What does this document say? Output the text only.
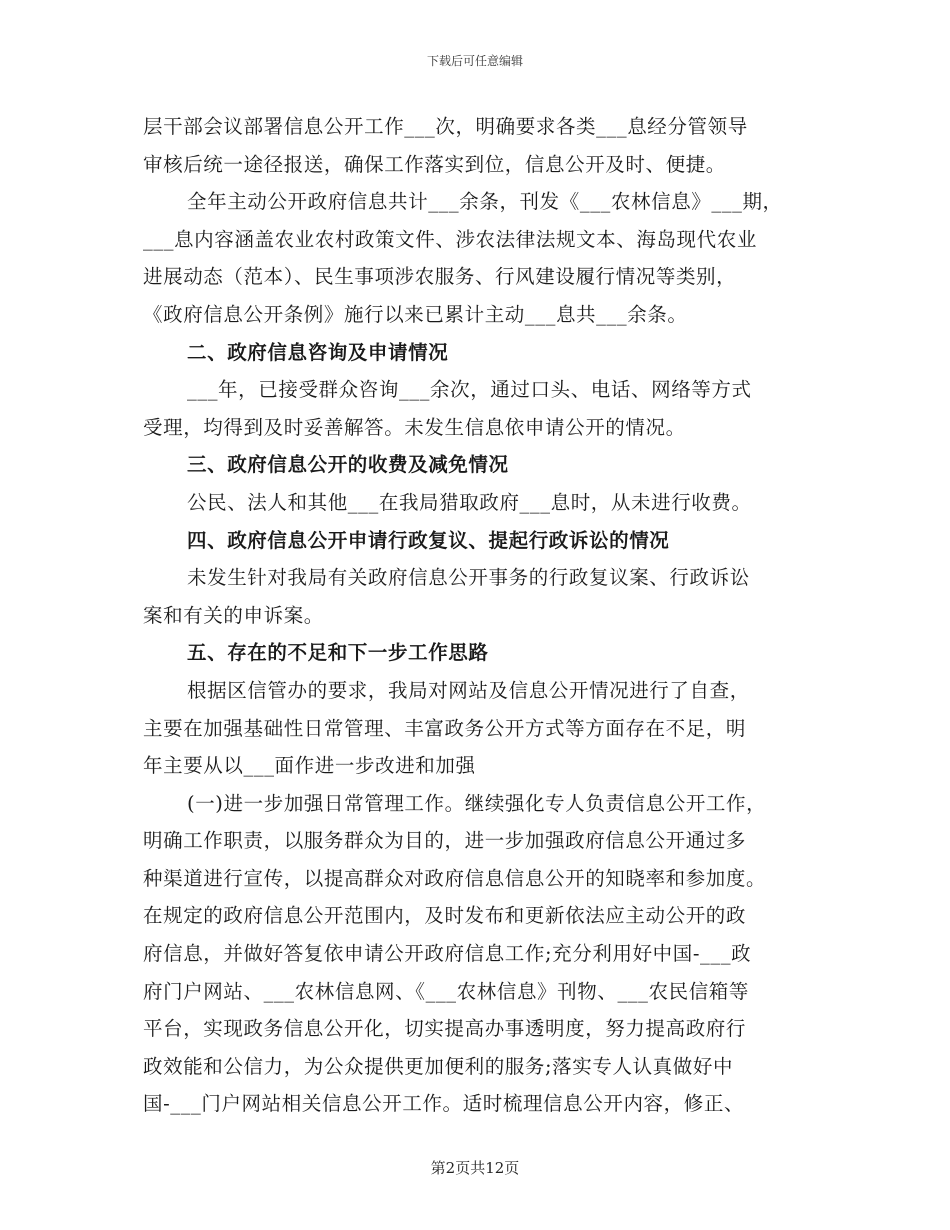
下载后可任意编辑
层干部会议部署信息公开工作___次，明确要求各类___息经分管领导
审核后统一途径报送，确保工作落实到位，信息公开及时、便捷。
全年主动公开政府信息共计___余条，刊发《___农林信息》___期，
___息内容涵盖农业农村政策文件、涉农法律法规文本、海岛现代农业
进展动态（范本）、民生事项涉农服务、行风建设履行情况等类别，
《政府信息公开条例》施行以来已累计主动___息共___余条。
二、政府信息咨询及申请情况
___年，已接受群众咨询___余次，通过口头、电话、网络等方式
受理，均得到及时妥善解答。未发生信息依申请公开的情况。
三、政府信息公开的收费及减免情况
公民、法人和其他___在我局猎取政府___息时，从未进行收费。
四、政府信息公开申请行政复议、提起行政诉讼的情况
未发生针对我局有关政府信息公开事务的行政复议案、行政诉讼
案和有关的申诉案。
五、存在的不足和下一步工作思路
根据区信管办的要求，我局对网站及信息公开情况进行了自查，
主要在加强基础性日常管理、丰富政务公开方式等方面存在不足，明
年主要从以___面作进一步改进和加强
(一)进一步加强日常管理工作。继续强化专人负责信息公开工作，
明确工作职责，以服务群众为目的，进一步加强政府信息公开通过多
种渠道进行宣传，以提高群众对政府信息信息公开的知晓率和参加度。
在规定的政府信息公开范围内，及时发布和更新依法应主动公开的政
府信息，并做好答复依申请公开政府信息工作;充分利用好中国-___政
府门户网站、___农林信息网、《___农林信息》刊物、___农民信箱等
平台，实现政务信息公开化，切实提高办事透明度，努力提高政府行
政效能和公信力，为公众提供更加便利的服务;落实专人认真做好中
国-___门户网站相关信息公开工作。适时梳理信息公开内容，修正、
第2页共12页
